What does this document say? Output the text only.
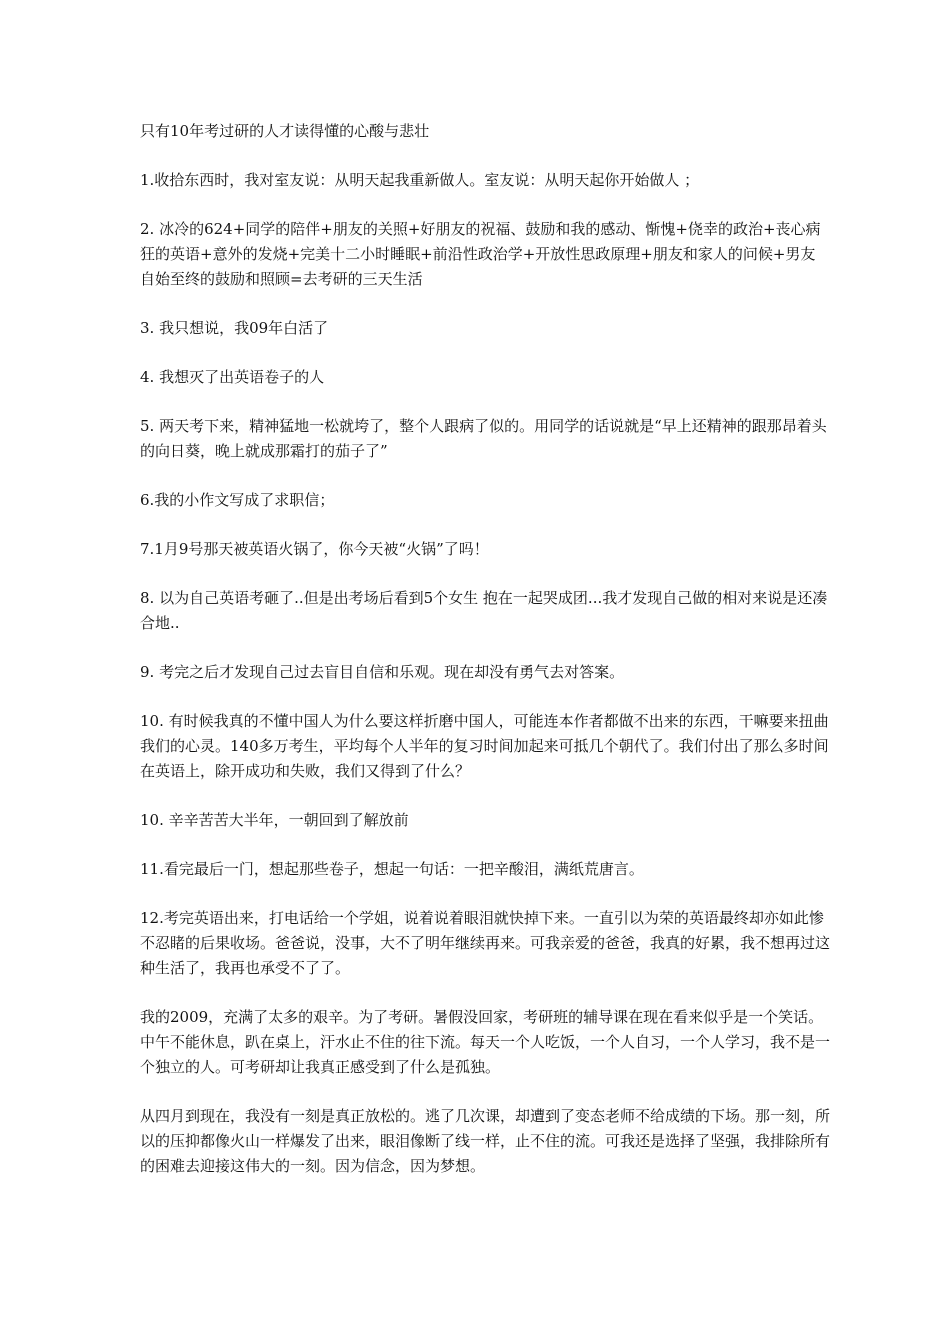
只有10年考过研的人才读得懂的心酸与悲壮

1.收拾东西时，我对室友说：从明天起我重新做人。室友说：从明天起你开始做人 ；

2. 冰冷的624+同学的陪伴+朋友的关照+好朋友的祝福、鼓励和我的感动、惭愧+侥幸的政治+丧心病狂的英语+意外的发烧+完美十二小时睡眠+前沿性政治学+开放性思政原理+朋友和家人的问候+男友自始至终的鼓励和照顾=去考研的三天生活

3. 我只想说，我09年白活了

4. 我想灭了出英语卷子的人

5. 两天考下来，精神猛地一松就垮了，整个人跟病了似的。用同学的话说就是“早上还精神的跟那昂着头的向日葵，晚上就成那霜打的茄子了”

6.我的小作文写成了求职信；

7.1月9号那天被英语火锅了，你今天被“火锅”了吗！

8. 以为自己英语考砸了..但是出考场后看到5个女生 抱在一起哭成团...我才发现自己做的相对来说是还凑合地..

9. 考完之后才发现自己过去盲目自信和乐观。现在却没有勇气去对答案。

10. 有时候我真的不懂中国人为什么要这样折磨中国人，可能连本作者都做不出来的东西，干嘛要来扭曲我们的心灵。140多万考生，平均每个人半年的复习时间加起来可抵几个朝代了。我们付出了那么多时间在英语上，除开成功和失败，我们又得到了什么？

10. 辛辛苦苦大半年，一朝回到了解放前

11.看完最后一门，想起那些卷子，想起一句话：一把辛酸泪，满纸荒唐言。

12.考完英语出来，打电话给一个学姐，说着说着眼泪就快掉下来。一直引以为荣的英语最终却亦如此惨不忍睹的后果收场。爸爸说，没事，大不了明年继续再来。可我亲爱的爸爸，我真的好累，我不想再过这种生活了，我再也承受不了了。

我的2009，充满了太多的艰辛。为了考研。暑假没回家，考研班的辅导课在现在看来似乎是一个笑话。中午不能休息，趴在桌上，汗水止不住的往下流。每天一个人吃饭，一个人自习，一个人学习，我不是一个独立的人。可考研却让我真正感受到了什么是孤独。

从四月到现在，我没有一刻是真正放松的。逃了几次课，却遭到了变态老师不给成绩的下场。那一刻，所以的压抑都像火山一样爆发了出来，眼泪像断了线一样，止不住的流。可我还是选择了坚强，我排除所有的困难去迎接这伟大的一刻。因为信念，因为梦想。
